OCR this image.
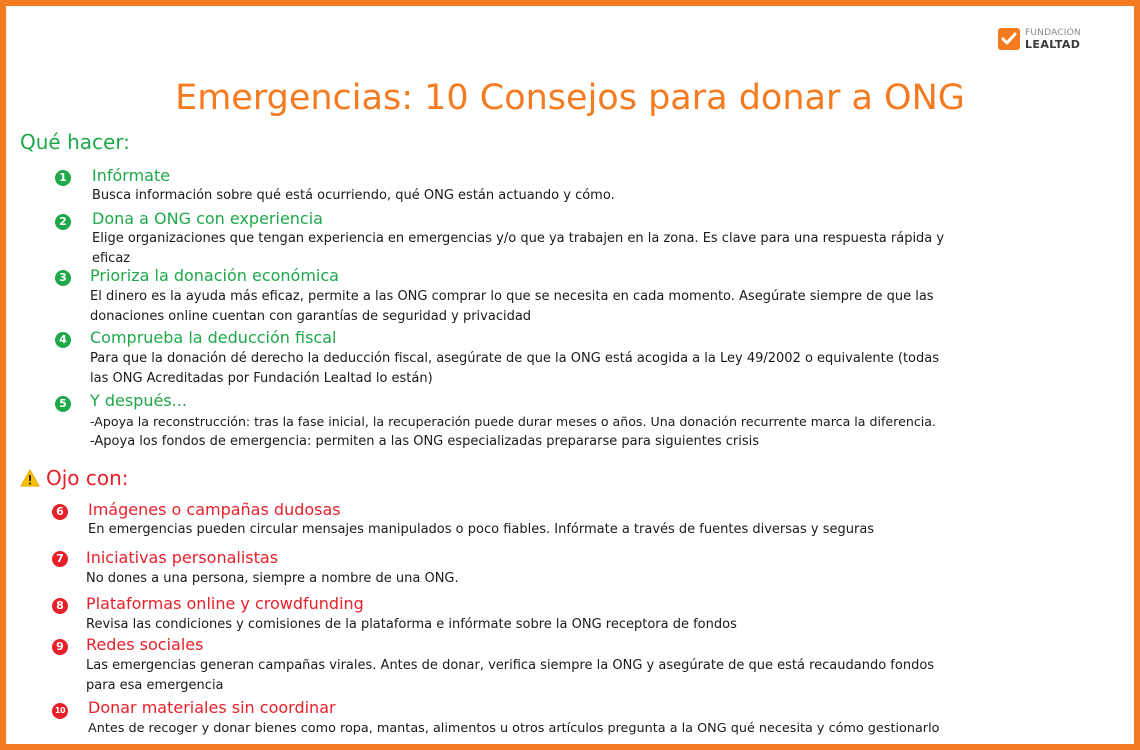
FUNDACIÓN
LEALTAD
Emergencias: 10 Consejos para donar a ONG
Qué hacer:
1 Infórmate

Busca información sobre qué está ocurriendo, qué ONG están actuando y cómo.

2 Dona a ONG con experiencia

Elige organizaciones que tengan experiencia en emergencias y/o que ya trabajen en la zona. Es clave para una respuesta rápida y
eficaz

3 Prioriza la donación económica

El dinero es la ayuda más eficaz, permite a las ONG comprar lo que se necesita en cada momento. Asegúrate siempre de que las
donaciones online cuentan con garantías de seguridad y privacidad

4 Comprueba la deducción fiscal

Para que la donación dé derecho la deducción fiscal, asegúrate de que la ONG está acogida a la Ley 49/2002 o equivalente (todas
las ONG Acreditadas por Fundación Lealtad lo están)

5 Y después...

-Apoya la reconstrucción: tras la fase inicial, la recuperación puede durar meses o años. Una donación recurrente marca la diferencia.
-Apoya los fondos de emergencia: permiten a las ONG especializadas prepararse para siguientes crisis

Ojo con:
6 Imágenes o campañas dudosas

En emergencias pueden circular mensajes manipulados o poco fiables. Infórmate a través de fuentes diversas y seguras

7 Iniciativas personalistas

No dones a una persona, siempre a nombre de una ONG.

8 Plataformas online y crowdfunding

Revisa las condiciones y comisiones de la plataforma e infórmate sobre la ONG receptora de fondos

9 Redes sociales

Las emergencias generan campañas virales. Antes de donar, verifica siempre la ONG y asegúrate de que está recaudando fondos
para esa emergencia

10 Donar materiales sin coordinar

Antes de recoger y donar bienes como ropa, mantas, alimentos u otros artículos pregunta a la ONG qué necesita y cómo gestionarlo
